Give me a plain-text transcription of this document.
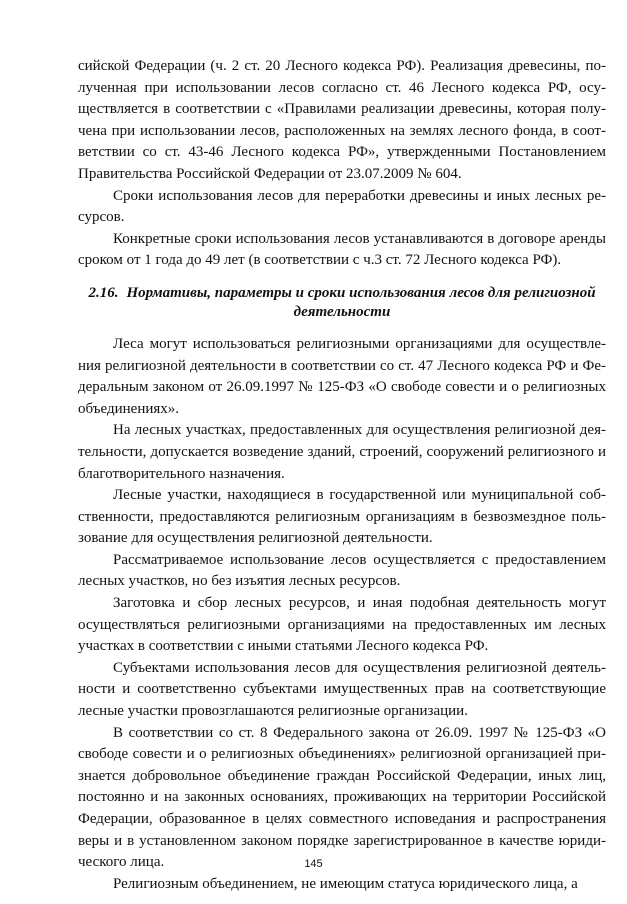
сийской Федерации (ч. 2 ст. 20 Лесного кодекса РФ). Реализация древесины, полученная при использовании лесов согласно ст. 46 Лесного кодекса РФ, осуществляется в соответствии с «Правилами реализации древесины, которая получена при использовании лесов, расположенных на землях лесного фонда, в соответствии со ст. 43-46 Лесного кодекса РФ», утвержденными Постановлением Правительства Российской Федерации от 23.07.2009 № 604.

Сроки использования лесов для переработки древесины и иных лесных ресурсов.

Конкретные сроки использования лесов устанавливаются в договоре аренды сроком от 1 года до 49 лет (в соответствии с ч.3 ст. 72 Лесного кодекса РФ).

2.16. Нормативы, параметры и сроки использования лесов для религиозной деятельности

Леса могут использоваться религиозными организациями для осуществления религиозной деятельности в соответствии со ст. 47 Лесного кодекса РФ и Федеральным законом от 26.09.1997 № 125-ФЗ «О свободе совести и о религиозных объединениях».

На лесных участках, предоставленных для осуществления религиозной деятельности, допускается возведение зданий, строений, сооружений религиозного и благотворительного назначения.

Лесные участки, находящиеся в государственной или муниципальной собственности, предоставляются религиозным организациям в безвозмездное пользование для осуществления религиозной деятельности.

Рассматриваемое использование лесов осуществляется с предоставлением лесных участков, но без изъятия лесных ресурсов.

Заготовка и сбор лесных ресурсов, и иная подобная деятельность могут осуществляться религиозными организациями на предоставленных им лесных участках в соответствии с иными статьями Лесного кодекса РФ.

Субъектами использования лесов для осуществления религиозной деятельности и соответственно субъектами имущественных прав на соответствующие лесные участки провозглашаются религиозные организации.

В соответствии со ст. 8 Федерального закона от 26.09. 1997 № 125-ФЗ «О свободе совести и о религиозных объединениях» религиозной организацией признается добровольное объединение граждан Российской Федерации, иных лиц, постоянно и на законных основаниях, проживающих на территории Российской Федерации, образованное в целях совместного исповедания и распространения веры и в установленном законом порядке зарегистрированное в качестве юридического лица.

Религиозным объединением, не имеющим статуса юридического лица, а

145
